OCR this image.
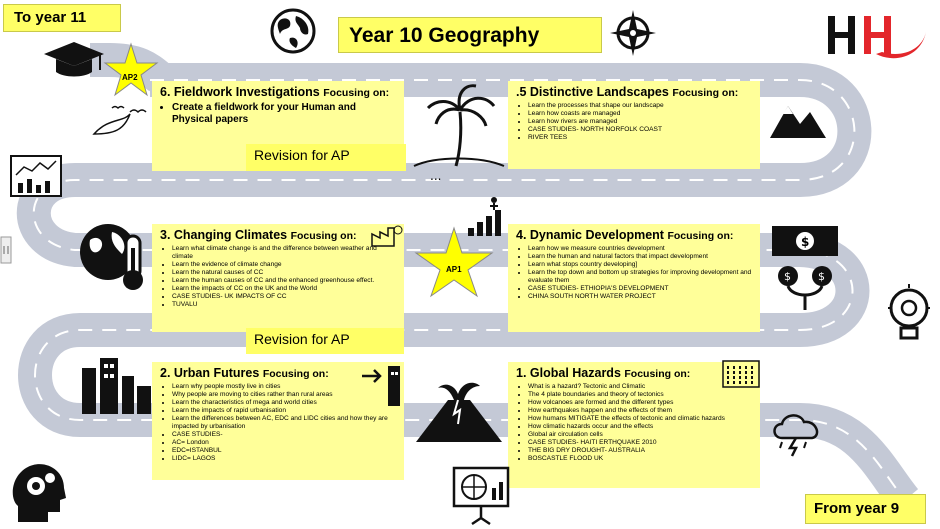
To year 11
Year 10 Geography
From year 9
AP2
AP1
6. Fieldwork Investigations Focusing on:
• Create a fieldwork for your Human and Physical papers
Revision for AP
.5 Distinctive Landscapes Focusing on:
• Learn the processes that shape our landscape
• Learn how coasts are managed
• Learn how rivers are managed
• CASE STUDIES- NORTH NORFOLK COAST
• RIVER TEES
...
3. Changing Climates Focusing on:
• Learn what climate change is and the difference between weather and climate
• Learn the evidence of climate change
• Learn the natural causes of CC
• Learn the human causes of CC and the enhanced greenhouse effect.
• Learn the impacts of CC on the UK and the World
• CASE STUDIES- UK IMPACTS OF CC
• TUVALU
Revision for AP
4. Dynamic Development Focusing on:
• Learn how we measure countries development
• Learn the human and natural factors that impact development
• Learn what stops country developing]
• Learn the top down and bottom up strategies for improving development and evaluate them
• CASE STUDIES- ETHIOPIA'S DEVELOPMENT
• CHINA SOUTH NORTH WATER PROJECT
$
$ $
2. Urban Futures Focusing on:
• Learn why people mostly live in cities
• Why people are moving to cities rather than rural areas
• Learn the characteristics of mega and world cities
• Learn the impacts of rapid urbanisation
• Learn the differences between AC, EDC and LIDC cities and how they are impacted by urbanisation
• CASE STUDIES-
• AC= London
• EDC=ISTANBUL
• LIDC= LAGOS
1. Global Hazards Focusing on:
• What is a hazard? Tectonic and Climatic
• The 4 plate boundaries and theory of tectonics
• How volcanoes are formed and the different types
• How earthquakes happen and the effects of them
• How humans MITIGATE the effects of tectonic and climatic hazards
• How climatic hazards occur and the effects
• Global air circulation cells
• CASE STUDIES- HAITI ERTHQUAKE 2010
• THE BIG DRY DROUGHT- AUSTRALIA
• BOSCASTLE FLOOD UK
